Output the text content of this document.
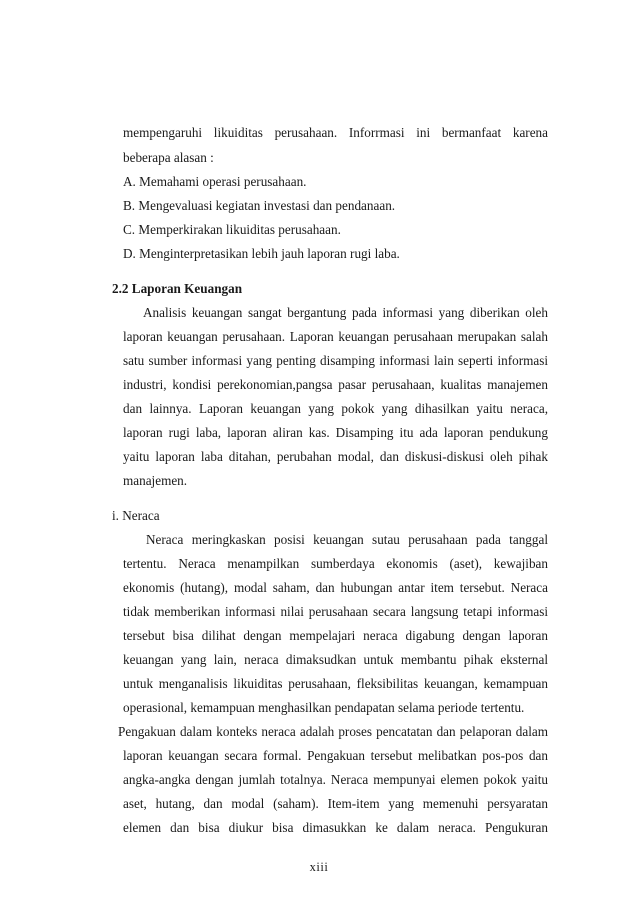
mempengaruhi likuiditas perusahaan. Inforrmasi ini bermanfaat karena
beberapa alasan :
A. Memahami operasi perusahaan.
B. Mengevaluasi kegiatan investasi dan pendanaan.
C. Memperkirakan likuiditas perusahaan.
D. Menginterpretasikan lebih jauh laporan rugi laba.
2.2 Laporan Keuangan
Analisis keuangan sangat bergantung pada informasi yang diberikan oleh
laporan keuangan perusahaan. Laporan keuangan perusahaan merupakan salah
satu sumber informasi yang penting disamping informasi lain seperti informasi
industri, kondisi perekonomian,pangsa pasar perusahaan, kualitas manajemen
dan lainnya. Laporan keuangan yang pokok yang dihasilkan yaitu neraca,
laporan rugi laba, laporan aliran kas. Disamping itu ada laporan pendukung
yaitu laporan laba ditahan, perubahan modal, dan diskusi-diskusi oleh pihak
manajemen.
i. Neraca
Neraca meringkaskan posisi keuangan sutau perusahaan pada tanggal
tertentu. Neraca menampilkan sumberdaya ekonomis (aset), kewajiban
ekonomis (hutang), modal saham, dan hubungan antar item tersebut. Neraca
tidak memberikan informasi nilai perusahaan secara langsung tetapi informasi
tersebut bisa dilihat dengan mempelajari neraca digabung dengan laporan
keuangan yang lain, neraca dimaksudkan untuk membantu pihak eksternal
untuk menganalisis likuiditas perusahaan, fleksibilitas keuangan, kemampuan
operasional, kemampuan menghasilkan pendapatan selama periode tertentu.
Pengakuan dalam konteks neraca adalah proses pencatatan dan pelaporan dalam
laporan keuangan secara formal. Pengakuan tersebut melibatkan pos-pos dan
angka-angka dengan jumlah totalnya. Neraca mempunyai elemen pokok yaitu
aset, hutang, dan modal (saham). Item-item yang memenuhi persyaratan
elemen dan bisa diukur bisa dimasukkan ke dalam neraca. Pengukuran
xiii
